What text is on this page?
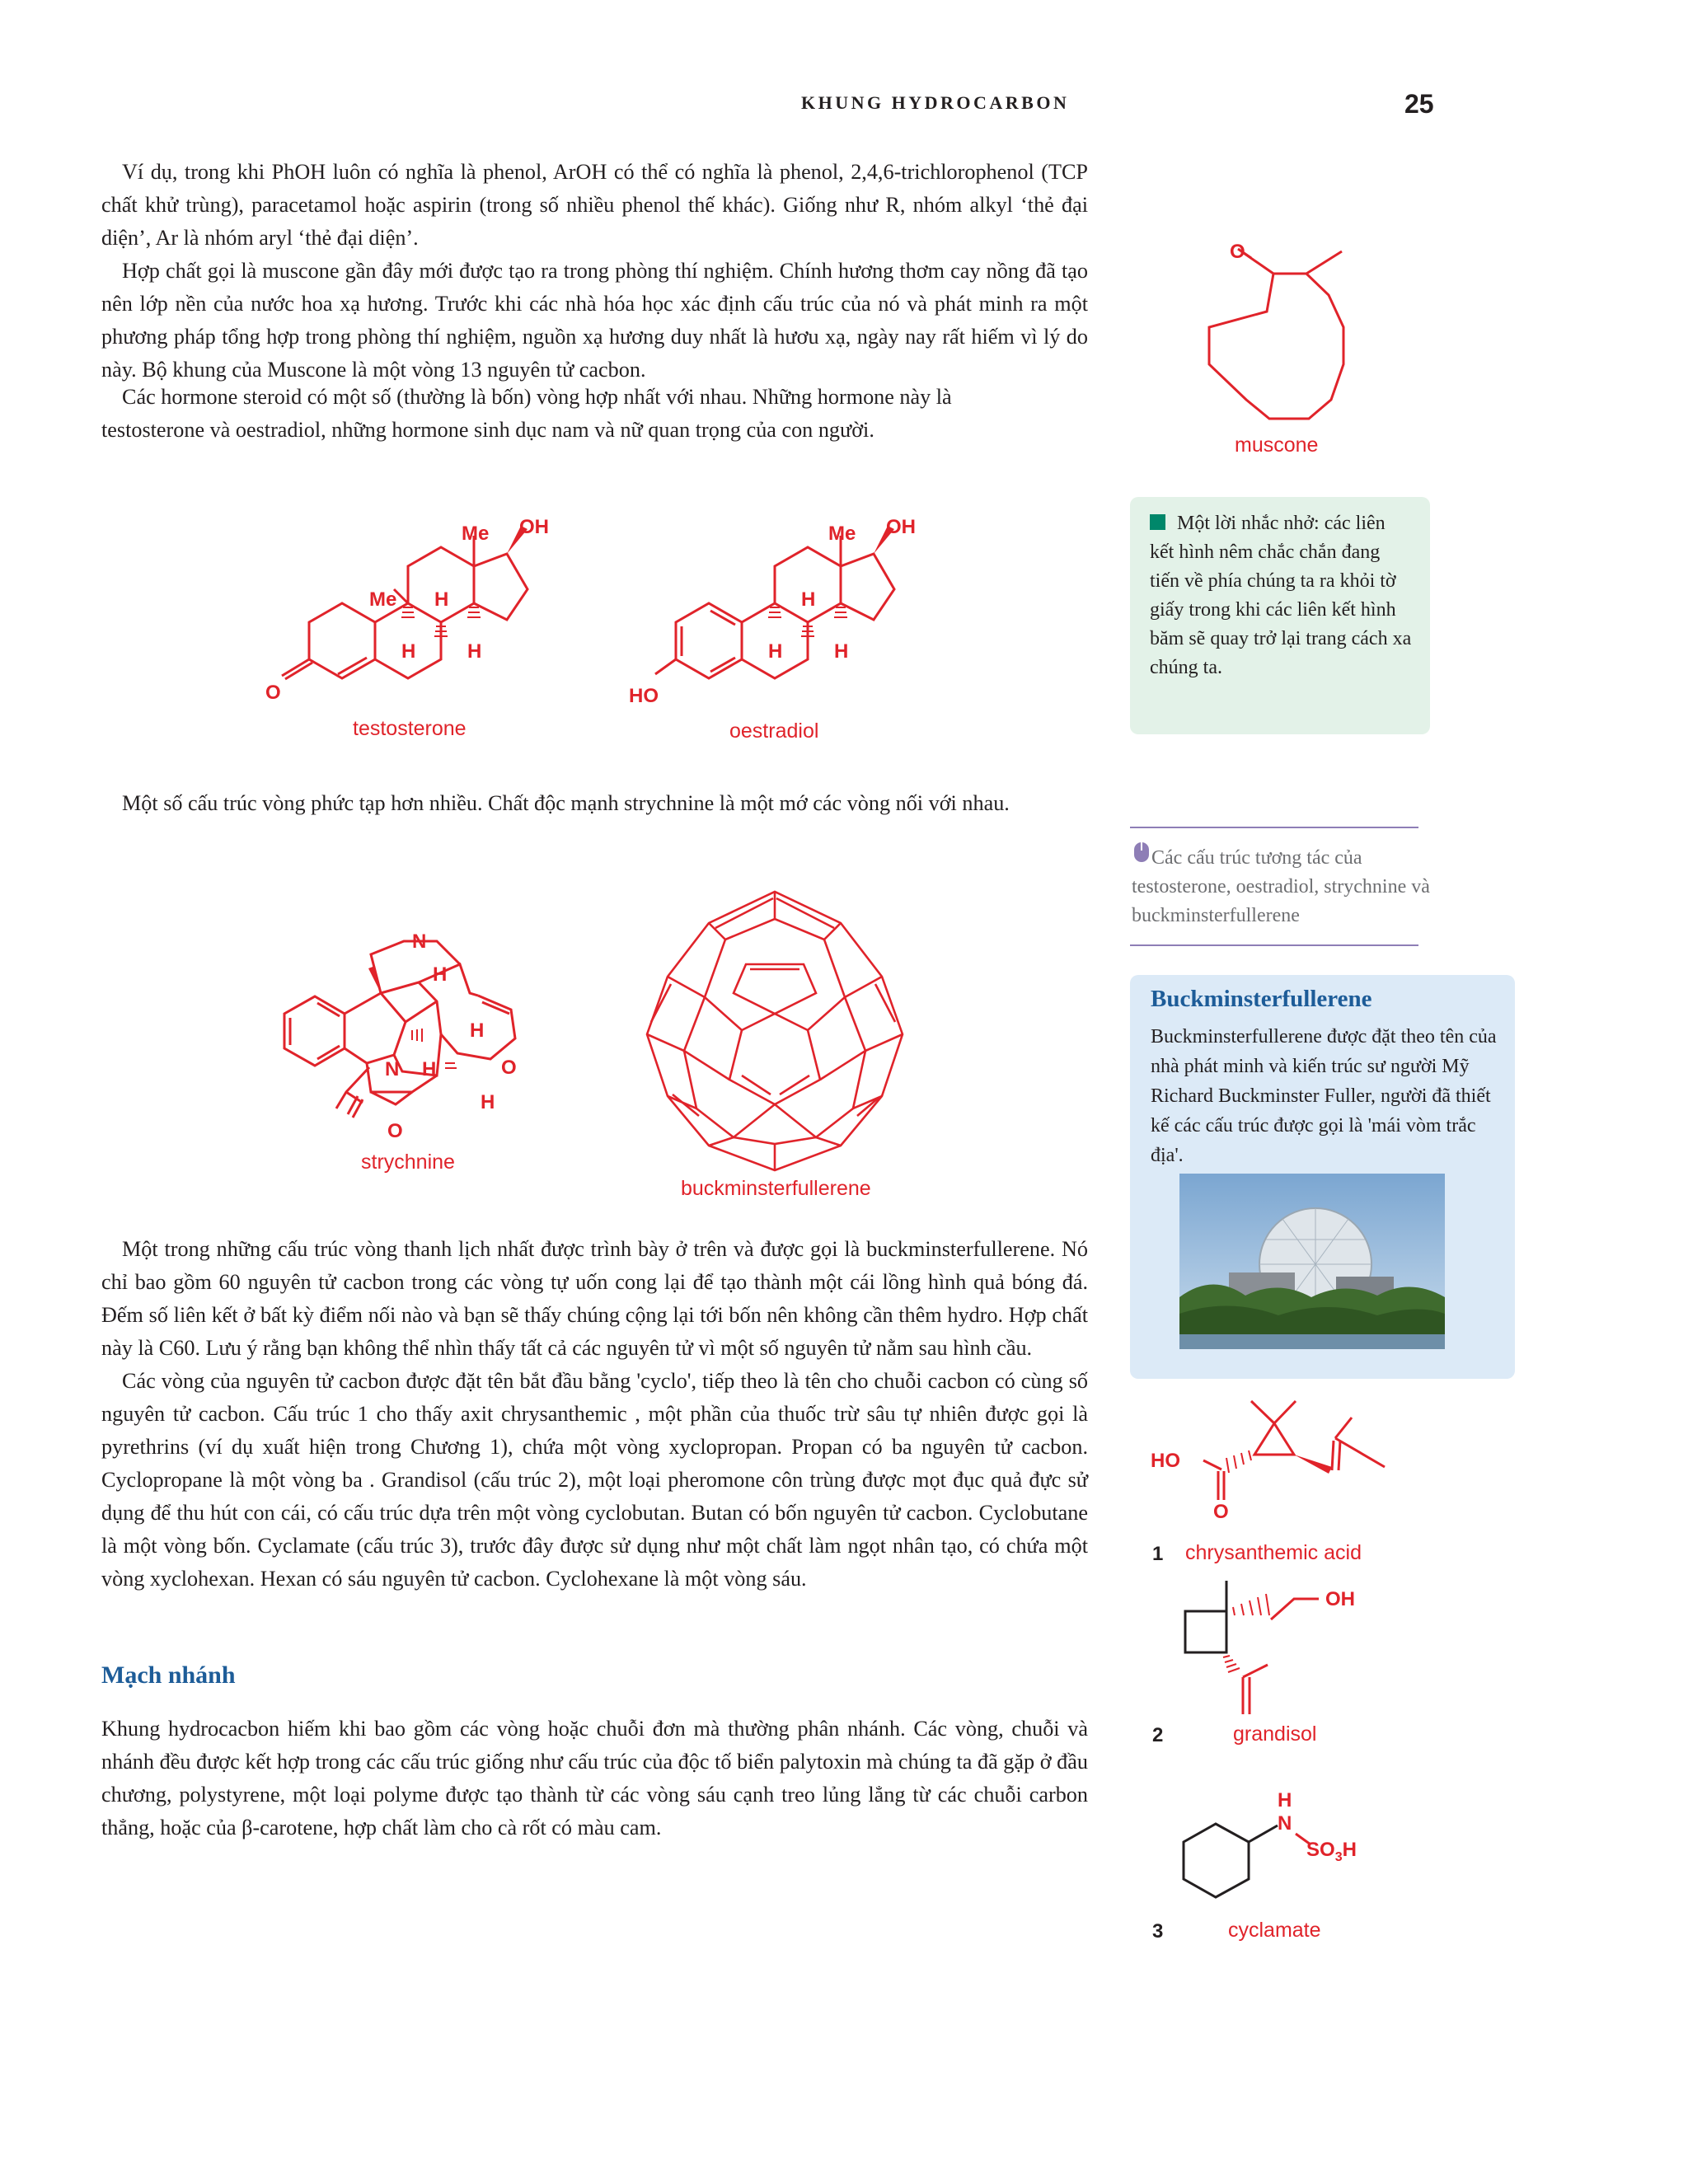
KHUNG HYDROCARBON	25

Ví dụ, trong khi PhOH luôn có nghĩa là phenol, ArOH có thể có nghĩa là phenol, 2,4,6-trichlorophenol (TCP chất khử trùng), paracetamol hoặc aspirin (trong số nhiều phenol thế khác). Giống như R, nhóm alkyl ‘thẻ đại diện’, Ar là nhóm aryl ‘thẻ đại diện’.

Hợp chất gọi là muscone gần đây mới được tạo ra trong phòng thí nghiệm. Chính hương thơm cay nồng đã tạo nên lớp nền của nước hoa xạ hương. Trước khi các nhà hóa học xác định cấu trúc của nó và phát minh ra một phương pháp tổng hợp trong phòng thí nghiệm, nguồn xạ hương duy nhất là hươu xạ, ngày nay rất hiếm vì lý do này. Bộ khung của Muscone là một vòng 13 nguyên tử cacbon.

Các hormone steroid có một số (thường là bốn) vòng hợp nhất với nhau. Những hormone này là
testosterone và oestradiol, những hormone sinh dục nam và nữ quan trọng của con người.
O
muscone
Một lời nhắc nhở: các liên kết hình nêm chắc chắn đang tiến về phía chúng ta ra khỏi tờ giấy trong khi các liên kết hình băm sẽ quay trở lại trang cách xa chúng ta.
O
Me
Me OH
H
H	H
testosterone
HO
Me OH
H
H	H
oestradiol
Một số cấu trúc vòng phức tạp hơn nhiều. Chất độc mạnh strychnine là một mớ các vòng nối với nhau.
Các cấu trúc tương tác của testosterone, oestradiol, strychnine và buckminsterfullerene
N
H
H
N H	O
H
O
strychnine
buckminsterfullerene
Buckminsterfullerene
Buckminsterfullerene được đặt theo tên của nhà phát minh và kiến trúc sư người Mỹ Richard Buckminster Fuller, người đã thiết kế các cấu trúc được gọi là 'mái vòm trắc địa'.

Một trong những cấu trúc vòng thanh lịch nhất được trình bày ở trên và được gọi là buckminsterfullerene. Nó chỉ bao gồm 60 nguyên tử cacbon trong các vòng tự uốn cong lại để tạo thành một cái lồng hình quả bóng đá. Đếm số liên kết ở bất kỳ điểm nối nào và bạn sẽ thấy chúng cộng lại tới bốn nên không cần thêm hydro. Hợp chất này là C60. Lưu ý rằng bạn không thể nhìn thấy tất cả các nguyên tử vì một số nguyên tử nằm sau hình cầu.

Các vòng của nguyên tử cacbon được đặt tên bắt đầu bằng 'cyclo', tiếp theo là tên cho chuỗi cacbon có cùng số nguyên tử cacbon. Cấu trúc 1 cho thấy axit chrysanthemic , một phần của thuốc trừ sâu tự nhiên được gọi là pyrethrins (ví dụ xuất hiện trong Chương 1), chứa một vòng xyclopropan. Propan có ba nguyên tử cacbon. Cyclopropane là một vòng ba . Grandisol (cấu trúc 2), một loại pheromone côn trùng được mọt đục quả đực sử dụng để thu hút con cái, có cấu trúc dựa trên một vòng cyclobutan. Butan có bốn nguyên tử cacbon. Cyclobutane là một vòng bốn. Cyclamate (cấu trúc 3), trước đây được sử dụng như một chất làm ngọt nhân tạo, có chứa một vòng xyclohexan. Hexan có sáu nguyên tử cacbon. Cyclohexane là một vòng sáu.

Mạch nhánh

Khung hydrocacbon hiếm khi bao gồm các vòng hoặc chuỗi đơn mà thường phân nhánh. Các vòng, chuỗi và nhánh đều được kết hợp trong các cấu trúc giống như cấu trúc của độc tố biển palytoxin mà chúng ta đã gặp ở đầu chương, polystyrene, một loại polyme được tạo thành từ các vòng sáu cạnh treo lủng lẳng từ các chuỗi carbon thẳng, hoặc của β-carotene, hợp chất làm cho cà rốt có màu cam.

HO
O
1 chrysanthemic acid
OH
2	grandisol
H
N
$SO_3H$
3	cyclamate
